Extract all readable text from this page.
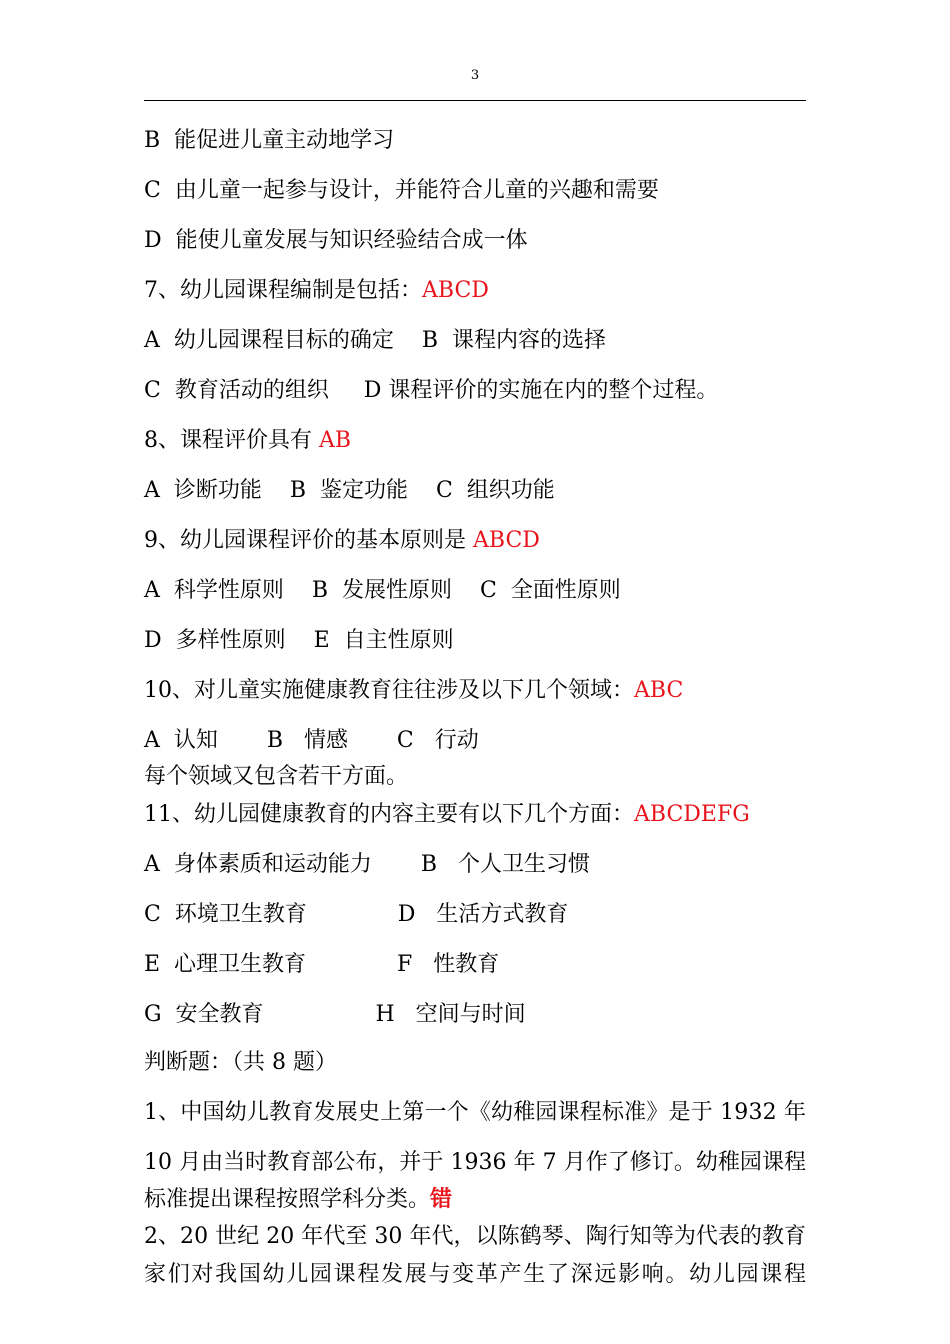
3
B  能促进儿童主动地学习
C  由儿童一起参与设计，并能符合儿童的兴趣和需要
D  能使儿童发展与知识经验结合成一体
7、幼儿园课程编制是包括：ABCD
A  幼儿园课程目标的确定    B  课程内容的选择
C  教育活动的组织     D 课程评价的实施在内的整个过程。
8、课程评价具有 AB
A  诊断功能    B  鉴定功能    C  组织功能
9、幼儿园课程评价的基本原则是 ABCD
A  科学性原则    B  发展性原则    C  全面性原则
D  多样性原则    E  自主性原则
10、对儿童实施健康教育往往涉及以下几个领域：ABC
A  认知       B   情感       C   行动
每个领域又包含若干方面。
11、幼儿园健康教育的内容主要有以下几个方面：ABCDEFG
A  身体素质和运动能力       B   个人卫生习惯
C  环境卫生教育             D   生活方式教育
E  心理卫生教育             F   性教育
G  安全教育                H   空间与时间
判断题：（共 8 题）
1、中国幼儿教育发展史上第一个《幼稚园课程标准》是于 1932 年
10 月由当时教育部公布，并于 1936 年 7 月作了修订。幼稚园课程
标准提出课程按照学科分类。错
2、20 世纪 20 年代至 30 年代，以陈鹤琴、陶行知等为代表的教育
家们对我国幼儿园课程发展与变革产生了深远影响。幼儿园课程
